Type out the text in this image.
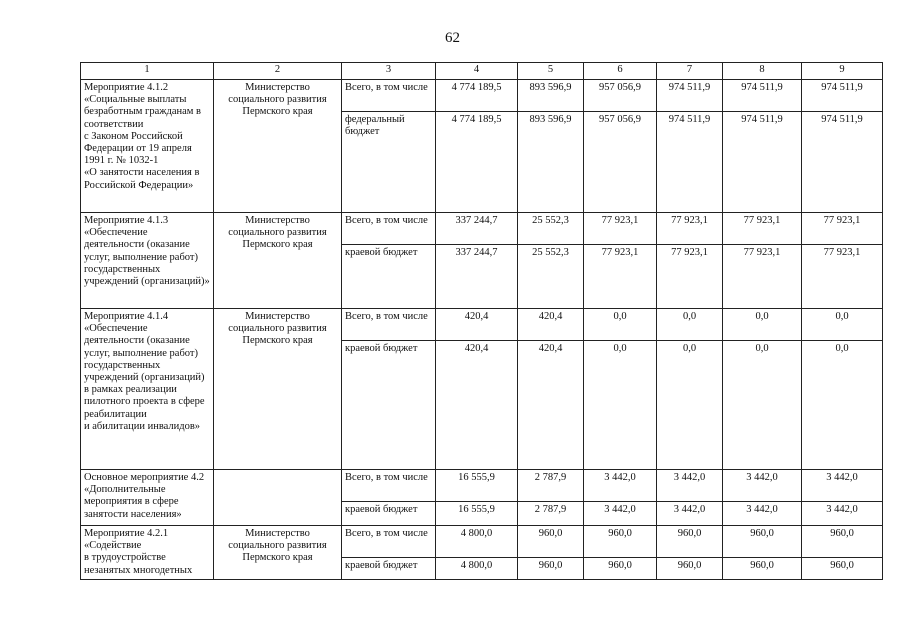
62
1	2	3	4	5	6	7	8	9
Мероприятие 4.1.2
«Социальные выплаты безработным гражданам в соответствии
с Законом Российской Федерации от 19 апреля 1991 г. № 1032-1
«О занятости населения в Российской Федерации»	Министерство социального развития Пермского края	Всего, в том числе	4 774 189,5	893 596,9	957 056,9	974 511,9	974 511,9	974 511,9
		федеральный бюджет	4 774 189,5	893 596,9	957 056,9	974 511,9	974 511,9	974 511,9
Мероприятие 4.1.3
«Обеспечение деятельности (оказание услуг, выполнение работ) государственных учреждений (организаций)»	Министерство социального развития Пермского края	Всего, в том числе	337 244,7	25 552,3	77 923,1	77 923,1	77 923,1	77 923,1
		краевой бюджет	337 244,7	25 552,3	77 923,1	77 923,1	77 923,1	77 923,1
Мероприятие 4.1.4
«Обеспечение деятельности (оказание услуг, выполнение работ) государственных учреждений (организаций) в рамках реализации пилотного проекта в сфере реабилитации
и абилитации инвалидов»	Министерство социального развития Пермского края	Всего, в том числе	420,4	420,4	0,0	0,0	0,0	0,0
		краевой бюджет	420,4	420,4	0,0	0,0	0,0	0,0
Основное мероприятие 4.2 «Дополнительные мероприятия в сфере занятости населения»		Всего, в том числе	16 555,9	2 787,9	3 442,0	3 442,0	3 442,0	3 442,0
		краевой бюджет	16 555,9	2 787,9	3 442,0	3 442,0	3 442,0	3 442,0
Мероприятие 4.2.1
«Содействие
в трудоустройстве незанятых многодетных	Министерство социального развития Пермского края	Всего, в том числе	4 800,0	960,0	960,0	960,0	960,0	960,0
		краевой бюджет	4 800,0	960,0	960,0	960,0	960,0	960,0
